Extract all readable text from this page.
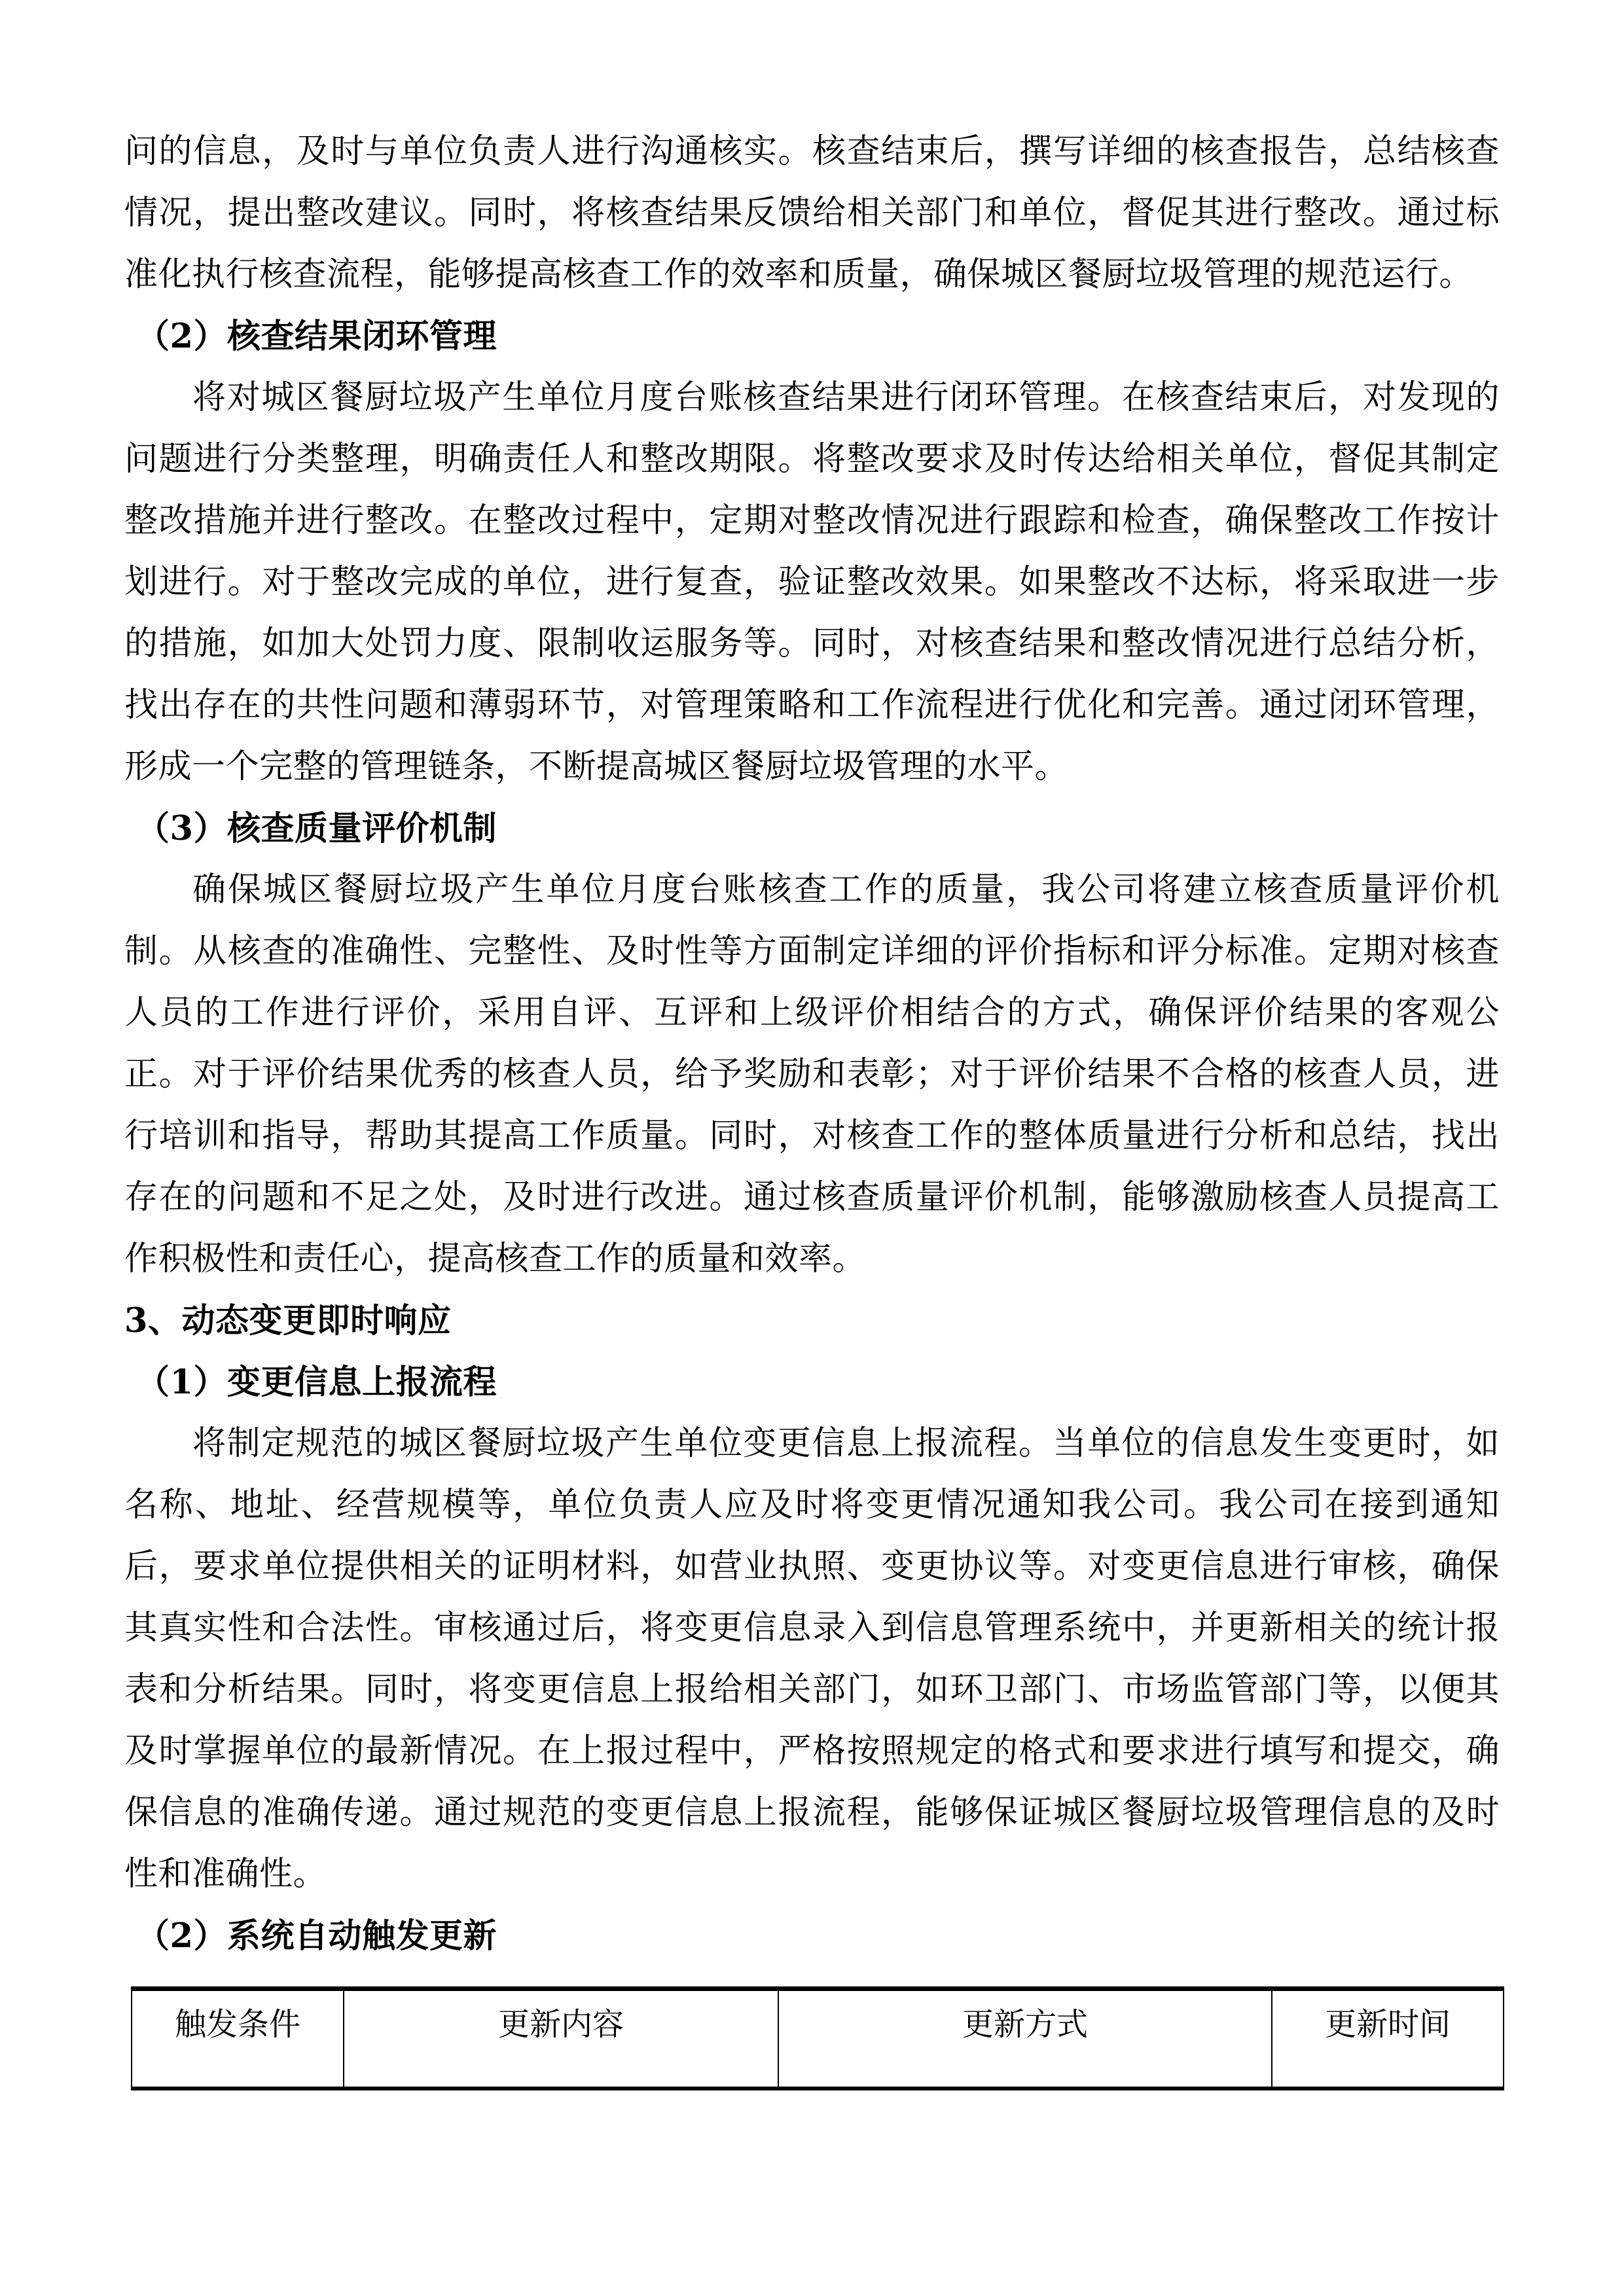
问的信息，及时与单位负责人进行沟通核实。核查结束后，撰写详细的核查报告，总结核查情况，提出整改建议。同时，将核查结果反馈给相关部门和单位，督促其进行整改。通过标准化执行核查流程，能够提高核查工作的效率和质量，确保城区餐厨垃圾管理的规范运行。

（2）核查结果闭环管理

将对城区餐厨垃圾产生单位月度台账核查结果进行闭环管理。在核查结束后，对发现的问题进行分类整理，明确责任人和整改期限。将整改要求及时传达给相关单位，督促其制定整改措施并进行整改。在整改过程中，定期对整改情况进行跟踪和检查，确保整改工作按计划进行。对于整改完成的单位，进行复查，验证整改效果。如果整改不达标，将采取进一步的措施，如加大处罚力度、限制收运服务等。同时，对核查结果和整改情况进行总结分析，找出存在的共性问题和薄弱环节，对管理策略和工作流程进行优化和完善。通过闭环管理，形成一个完整的管理链条，不断提高城区餐厨垃圾管理的水平。

（3）核查质量评价机制

确保城区餐厨垃圾产生单位月度台账核查工作的质量，我公司将建立核查质量评价机制。从核查的准确性、完整性、及时性等方面制定详细的评价指标和评分标准。定期对核查人员的工作进行评价，采用自评、互评和上级评价相结合的方式，确保评价结果的客观公正。对于评价结果优秀的核查人员，给予奖励和表彰；对于评价结果不合格的核查人员，进行培训和指导，帮助其提高工作质量。同时，对核查工作的整体质量进行分析和总结，找出存在的问题和不足之处，及时进行改进。通过核查质量评价机制，能够激励核查人员提高工作积极性和责任心，提高核查工作的质量和效率。

3、动态变更即时响应
（1）变更信息上报流程

将制定规范的城区餐厨垃圾产生单位变更信息上报流程。当单位的信息发生变更时，如名称、地址、经营规模等，单位负责人应及时将变更情况通知我公司。我公司在接到通知后，要求单位提供相关的证明材料，如营业执照、变更协议等。对变更信息进行审核，确保其真实性和合法性。审核通过后，将变更信息录入到信息管理系统中，并更新相关的统计报表和分析结果。同时，将变更信息上报给相关部门，如环卫部门、市场监管部门等，以便其及时掌握单位的最新情况。在上报过程中，严格按照规定的格式和要求进行填写和提交，确保信息的准确传递。通过规范的变更信息上报流程，能够保证城区餐厨垃圾管理信息的及时性和准确性。

（2）系统自动触发更新
触发条件	更新内容	更新方式	更新时间
